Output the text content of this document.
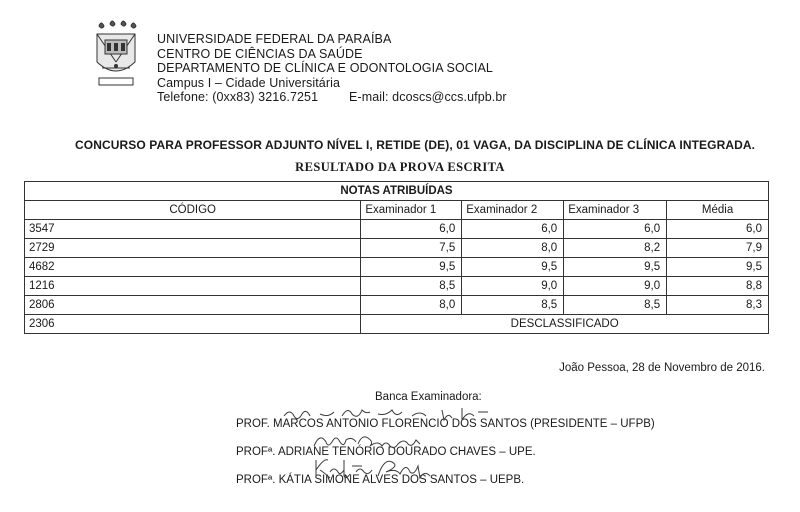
UNIVERSIDADE FEDERAL DA PARAÍBA
CENTRO DE CIÊNCIAS DA SAÚDE
DEPARTAMENTO DE CLÍNICA E ODONTOLOGIA SOCIAL
Campus I – Cidade Universitária
Telefone: (0xx83) 3216.7251 E-mail: dcoscs@ccs.ufpb.br
CONCURSO PARA PROFESSOR ADJUNTO NÍVEL I, RETIDE (DE), 01 VAGA, DA DISCIPLINA DE CLÍNICA INTEGRADA.
RESULTADO DA PROVA ESCRITA
NOTAS ATRIBUÍDAS				
CÓDIGO	Examinador 1	Examinador 2	Examinador 3	Média
3547	6,0	6,0	6,0	6,0
2729	7,5	8,0	8,2	7,9
4682	9,5	9,5	9,5	9,5
1216	8,5	9,0	9,0	8,8
2806	8,0	8,5	8,5	8,3
2306	DESCLASSIFICADO			
João Pessoa, 28 de Novembro de 2016.
Banca Examinadora:
PROF. MARCOS ANTONIO FLORENCIO DOS SANTOS (PRESIDENTE – UFPB)
PROFª. ADRIANE TENÓRIO DOURADO CHAVES – UPE.
PROFª. KÁTIA SIMONE ALVES DOS SANTOS – UEPB.
